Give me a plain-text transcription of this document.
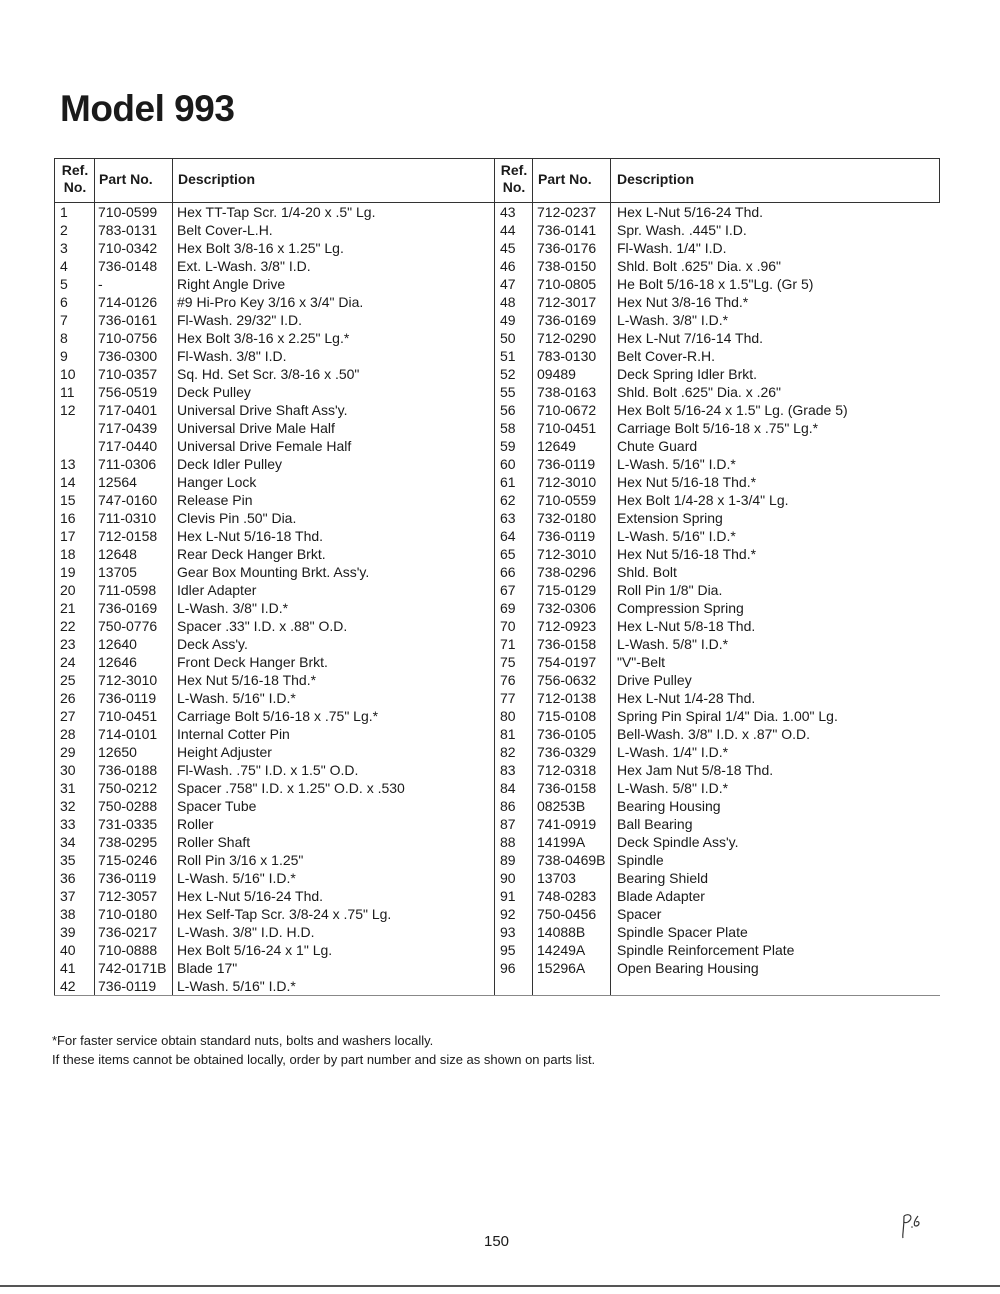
Model 993
Ref.
No. Part No. Description
Ref.
No. Part No. Description
1 710-0599 Hex TT-Tap Scr. 1/4-20 x .5" Lg.
2 783-0131 Belt Cover-L.H.
3 710-0342 Hex Bolt 3/8-16 x 1.25" Lg.
4 736-0148 Ext. L-Wash. 3/8" I.D.
5 -	Right Angle Drive
6 714-0126 #9 Hi-Pro Key 3/16 x 3/4" Dia.
7 736-0161 Fl-Wash. 29/32" I.D.
8 710-0756 Hex Bolt 3/8-16 x 2.25" Lg.*
9 736-0300 Fl-Wash. 3/8" I.D.
10 710-0357 Sq. Hd. Set Scr. 3/8-16 x .50"
11 756-0519 Deck Pulley
12 717-0401 Universal Drive Shaft Ass'y.
717-0439 Universal Drive Male Half
717-0440 Universal Drive Female Half
13 711-0306 Deck Idler Pulley
14 12564	Hanger Lock
15 747-0160 Release Pin
16 711-0310 Clevis Pin .50" Dia.
17 712-0158 Hex L-Nut 5/16-18 Thd.
18 12648	Rear Deck Hanger Brkt.
19 13705	Gear Box Mounting Brkt. Ass'y.
20 711-0598 Idler Adapter
21 736-0169 L-Wash. 3/8" I.D.*
22 750-0776 Spacer .33" I.D. x .88" O.D.
23 12640	Deck Ass'y.
24 12646	Front Deck Hanger Brkt.
25 712-3010 Hex Nut 5/16-18 Thd.*
26 736-0119 L-Wash. 5/16" I.D.*
27 710-0451 Carriage Bolt 5/16-18 x .75" Lg.*
28 714-0101 Internal Cotter Pin
29 12650	Height Adjuster
30 736-0188 Fl-Wash. .75" I.D. x 1.5" O.D.
31 750-0212 Spacer .758" I.D. x 1.25" O.D. x .530
32 750-0288 Spacer Tube
33 731-0335 Roller
34 738-0295 Roller Shaft
35 715-0246 Roll Pin 3/16 x 1.25"
36 736-0119 L-Wash. 5/16" I.D.*
37 712-3057 Hex L-Nut 5/16-24 Thd.
38 710-0180 Hex Self-Tap Scr. 3/8-24 x .75" Lg.
39 736-0217 L-Wash. 3/8" I.D. H.D.
40 710-0888 Hex Bolt 5/16-24 x 1" Lg.
41 742-0171B Blade 17"
42 736-0119 L-Wash. 5/16" I.D.*
43 712-0237 Hex L-Nut 5/16-24 Thd.
44 736-0141 Spr. Wash. .445" I.D.
45 736-0176 Fl-Wash. 1/4" I.D.
46 738-0150 Shld. Bolt .625" Dia. x .96"
47 710-0805 He Bolt 5/16-18 x 1.5"Lg. (Gr 5)
48 712-3017 Hex Nut 3/8-16 Thd.*
49 736-0169 L-Wash. 3/8" I.D.*
50 712-0290 Hex L-Nut 7/16-14 Thd.
51 783-0130 Belt Cover-R.H.
52 09489	Deck Spring Idler Brkt.
55 738-0163 Shld. Bolt .625" Dia. x .26"
56 710-0672 Hex Bolt 5/16-24 x 1.5" Lg. (Grade 5)
58 710-0451 Carriage Bolt 5/16-18 x .75" Lg.*
59 12649	Chute Guard
60 736-0119 L-Wash. 5/16" I.D.*
61 712-3010 Hex Nut 5/16-18 Thd.*
62 710-0559 Hex Bolt 1/4-28 x 1-3/4" Lg.
63 732-0180 Extension Spring
64 736-0119 L-Wash. 5/16" I.D.*
65 712-3010 Hex Nut 5/16-18 Thd.*
66 738-0296 Shld. Bolt
67 715-0129 Roll Pin 1/8" Dia.
69 732-0306 Compression Spring
70 712-0923 Hex L-Nut 5/8-18 Thd.
71 736-0158 L-Wash. 5/8" I.D.*
75 754-0197 "V"-Belt
76 756-0632 Drive Pulley
77 712-0138 Hex L-Nut 1/4-28 Thd.
80 715-0108 Spring Pin Spiral 1/4" Dia. 1.00" Lg.
81 736-0105 Bell-Wash. 3/8" I.D. x .87" O.D.
82 736-0329 L-Wash. 1/4" I.D.*
83 712-0318 Hex Jam Nut 5/8-18 Thd.
84 736-0158 L-Wash. 5/8" I.D.*
86 08253B Bearing Housing
87 741-0919 Ball Bearing
88 14199A Deck Spindle Ass'y.
89 738-0469B Spindle
90 13703	Bearing Shield
91 748-0283 Blade Adapter
92 750-0456 Spacer
93 14088B Spindle Spacer Plate
95 14249A Spindle Reinforcement Plate
96 15296A Open Bearing Housing
*For faster service obtain standard nuts, bolts and washers locally.
If these items cannot be obtained locally, order by part number and size as shown on parts list.
150
